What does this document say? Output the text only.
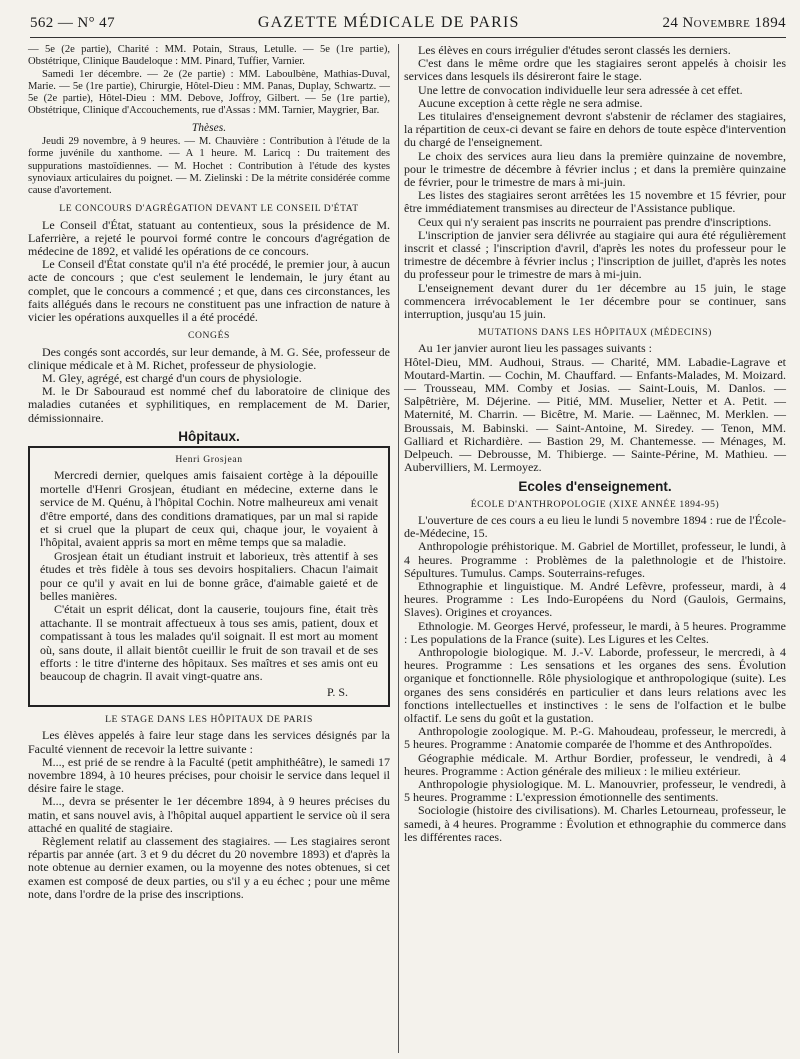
562 — N° 47	GAZETTE MÉDICALE DE PARIS	24 Novembre 1894

— 5e (2e partie), Charité : MM. Potain, Straus, Letulle. — 5e (1re partie), Obstétrique, Clinique Baudeloque : MM. Pinard, Tuffier, Varnier.

Samedi 1er décembre. — 2e (2e partie) : MM. Laboulbène, Mathias-Duval, Marie. — 5e (1re partie), Chirurgie, Hôtel-Dieu : MM. Panas, Duplay, Schwartz. — 5e (2e partie), Hôtel-Dieu : MM. Debove, Joffroy, Gilbert. — 5e (1re partie), Obstétrique, Clinique d'Accouchements, rue d'Assas : MM. Tarnier, Maygrier, Bar.

Thèses.

Jeudi 29 novembre, à 9 heures. — M. Chauvière : Contribution à l'étude de la forme juvénile du xanthome. — A 1 heure. M. Laricq : Du traitement des suppurations mastoïdiennes. — M. Hochet : Contribution à l'étude des kystes synoviaux articulaires du poignet. — M. Zielinski : De la métrite considérée comme cause d'avortement.

LE CONCOURS D'AGRÉGATION DEVANT LE CONSEIL D'ÉTAT

Le Conseil d'État, statuant au contentieux, sous la présidence de M. Laferrière, a rejeté le pourvoi formé contre le concours d'agrégation de médecine de 1892, et validé les opérations de ce concours.

Le Conseil d'État constate qu'il n'a été procédé, le premier jour, à aucun acte de concours ; que c'est seulement le lendemain, le jury étant au complet, que le concours a commencé ; et que, dans ces circonstances, les faits allégués dans le recours ne constituent pas une infraction de nature à vicier les opérations auxquelles il a été procédé.

CONGÉS

Des congés sont accordés, sur leur demande, à M. G. Sée, professeur de clinique médicale et à M. Richet, professeur de physiologie.

M. Gley, agrégé, est chargé d'un cours de physiologie.

M. le Dr Sabouraud est nommé chef du laboratoire de clinique des maladies cutanées et syphilitiques, en remplacement de M. Darier, démissionnaire.

Hôpitaux.
Henri Grosjean

Mercredi dernier, quelques amis faisaient cortège à la dépouille mortelle d'Henri Grosjean, étudiant en médecine, externe dans le service de M. Quénu, à l'hôpital Cochin. Notre malheureux ami venait d'être emporté, dans des conditions dramatiques, par un mal si rapide et si cruel que la plupart de ceux qui, chaque jour, le voyaient à l'hôpital, avaient appris sa mort en même temps que sa maladie.

Grosjean était un étudiant instruit et laborieux, très attentif à ses études et très fidèle à tous ses devoirs hospitaliers. Chacun l'aimait pour ce qu'il y avait en lui de bonne grâce, d'aimable gaieté et de belles manières.

C'était un esprit délicat, dont la causerie, toujours fine, était très attachante. Il se montrait affectueux à tous ses amis, patient, doux et compatissant à tous les malades qu'il soignait. Il est mort au moment où, sans doute, il allait bientôt cueillir le fruit de son travail et de ses efforts : le titre d'interne des hôpitaux. Ses maîtres et ses amis ont eu beaucoup de chagrin. Il avait vingt-quatre ans.

P. S.
LE STAGE DANS LES HÔPITAUX DE PARIS

Les élèves appelés à faire leur stage dans les services désignés par la Faculté viennent de recevoir la lettre suivante :

M..., est prié de se rendre à la Faculté (petit amphithéâtre), le samedi 17 novembre 1894, à 10 heures précises, pour choisir le service dans lequel il désire faire le stage.

M..., devra se présenter le 1er décembre 1894, à 9 heures précises du matin, et sans nouvel avis, à l'hôpital auquel appartient le service où il sera attaché en qualité de stagiaire.

Règlement relatif au classement des stagiaires. — Les stagiaires seront répartis par année (art. 3 et 9 du décret du 20 novembre 1893) et d'après la note obtenue au dernier examen, ou la moyenne des notes obtenues, si cet examen est composé de deux parties, ou s'il y a eu échec ; pour une même note, dans l'ordre de la prise des inscriptions.

Les élèves en cours irrégulier d'études seront classés les derniers.

C'est dans le même ordre que les stagiaires seront appelés à choisir les services dans lesquels ils désireront faire le stage.

Une lettre de convocation individuelle leur sera adressée à cet effet.

Aucune exception à cette règle ne sera admise.

Les titulaires d'enseignement devront s'abstenir de réclamer des stagiaires, la répartition de ceux-ci devant se faire en dehors de toute espèce d'intervention du chargé de l'enseignement.

Le choix des services aura lieu dans la première quinzaine de novembre, pour le trimestre de décembre à février inclus ; et dans la première quinzaine de février, pour le trimestre de mars à mi-juin.

Les listes des stagiaires seront arrêtées les 15 novembre et 15 février, pour être immédiatement transmises au directeur de l'Assistance publique.

Ceux qui n'y seraient pas inscrits ne pourraient pas prendre d'inscriptions.

L'inscription de janvier sera délivrée au stagiaire qui aura été régulièrement inscrit et classé ; l'inscription d'avril, d'après les notes du professeur pour le trimestre de décembre à février inclus ; l'inscription de juillet, d'après les notes du professeur pour le trimestre de mars à mi-juin.

L'enseignement devant durer du 1er décembre au 15 juin, le stage commencera irrévocablement le 1er décembre pour se continuer, sans interruption, jusqu'au 15 juin.

MUTATIONS DANS LES HÔPITAUX (MÉDECINS)

Au 1er janvier auront lieu les passages suivants :

Hôtel-Dieu, MM. Audhoui, Straus. — Charité, MM. Labadie-Lagrave et Moutard-Martin. — Cochin, M. Chauffard. — Enfants-Malades, M. Moizard. — Trousseau, MM. Comby et Josias. — Saint-Louis, M. Danlos. — Salpêtrière, M. Déjerine. — Pitié, MM. Muselier, Netter et A. Petit. — Maternité, M. Charrin. — Bicêtre, M. Marie. — Laënnec, M. Merklen. — Broussais, M. Babinski. — Saint-Antoine, M. Siredey. — Tenon, MM. Galliard et Richardière. — Bastion 29, M. Chantemesse. — Ménages, M. Delpeuch. — Debrousse, M. Thibierge. — Sainte-Périne, M. Mathieu. — Aubervilliers, M. Lermoyez.

Ecoles d'enseignement.
ÉCOLE D'ANTHROPOLOGIE (XIXE ANNÉE 1894-95)

L'ouverture de ces cours a eu lieu le lundi 5 novembre 1894 : rue de l'École-de-Médecine, 15.

Anthropologie préhistorique. M. Gabriel de Mortillet, professeur, le lundi, à 4 heures. Programme : Problèmes de la palethnologie et de l'histoire. Sépultures. Tumulus. Camps. Souterrains-refuges.

Ethnographie et linguistique. M. André Lefèvre, professeur, mardi, à 4 heures. Programme : Les Indo-Européens du Nord (Gaulois, Germains, Slaves). Origines et croyances.

Ethnologie. M. Georges Hervé, professeur, le mardi, à 5 heures. Programme : Les populations de la France (suite). Les Ligures et les Celtes.

Anthropologie biologique. M. J.-V. Laborde, professeur, le mercredi, à 4 heures. Programme : Les sensations et les organes des sens. Évolution organique et fonctionnelle. Rôle physiologique et anthropologique (suite). Les organes des sens considérés en particulier et dans leurs relations avec les fonctions intellectuelles et instinctives : le sens de l'olfaction et le bulbe olfactif. Le sens du goût et la gustation.

Anthropologie zoologique. M. P.-G. Mahoudeau, professeur, le mercredi, à 5 heures. Programme : Anatomie comparée de l'homme et des Anthropoïdes.

Géographie médicale. M. Arthur Bordier, professeur, le vendredi, à 4 heures. Programme : Action générale des milieux : le milieu extérieur.

Anthropologie physiologique. M. L. Manouvrier, professeur, le vendredi, à 5 heures. Programme : L'expression émotionnelle des sentiments.

Sociologie (histoire des civilisations). M. Charles Letourneau, professeur, le samedi, à 4 heures. Programme : Évolution et ethnographie du commerce dans les différentes races.
